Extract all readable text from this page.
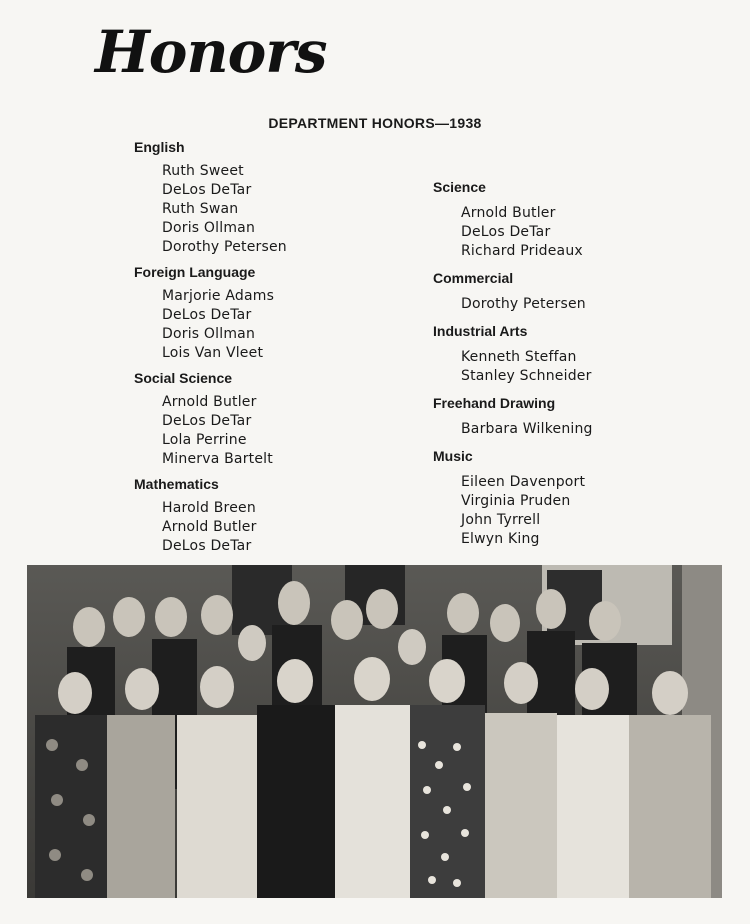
Honors
DEPARTMENT HONORS—1938
English
Ruth Sweet
DeLos DeTar
Ruth Swan
Doris Ollman
Dorothy Petersen
Foreign Language
Marjorie Adams
DeLos DeTar
Doris Ollman
Lois Van Vleet
Social Science
Arnold Butler
DeLos DeTar
Lola Perrine
Minerva Bartelt
Mathematics
Harold Breen
Arnold Butler
DeLos DeTar
Science
Arnold Butler
DeLos DeTar
Richard Prideaux
Commercial
Dorothy Petersen
Industrial Arts
Kenneth Steffan
Stanley Schneider
Freehand Drawing
Barbara Wilkening
Music
Eileen Davenport
Virginia Pruden
John Tyrrell
Elwyn King
